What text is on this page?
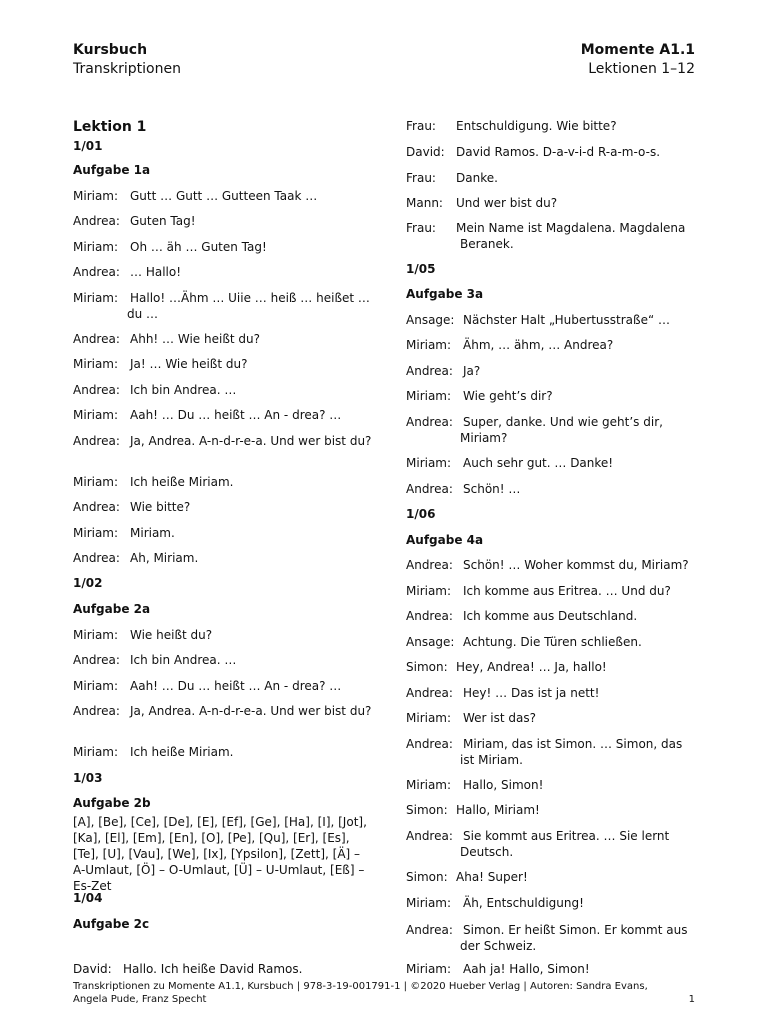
Kursbuch
Transkriptionen
Momente A1.1
Lektionen 1–12
Lektion 1
1/01
Aufgabe 1a
Miriam: Gutt … Gutt … Gutteen Taak …
Andrea: Guten Tag!
Miriam: Oh … äh … Guten Tag!
Andrea: … Hallo!
Miriam: Hallo! …Ähm … Uiie … heiß … heißet … du …
Andrea: Ahh! … Wie heißt du?
Miriam: Ja! … Wie heißt du?
Andrea: Ich bin Andrea. …
Miriam: Aah! … Du … heißt … An - drea? …
Andrea: Ja, Andrea. A-n-d-r-e-a. Und wer bist du?
Miriam: Ich heiße Miriam.
Andrea: Wie bitte?
Miriam: Miriam.
Andrea: Ah, Miriam.
1/02
Aufgabe 2a
Miriam: Wie heißt du?
Andrea: Ich bin Andrea. …
Miriam: Aah! … Du … heißt … An - drea? …
Andrea: Ja, Andrea. A-n-d-r-e-a. Und wer bist du?
Miriam: Ich heiße Miriam.
1/03
Aufgabe 2b
[A], [Be], [Ce], [De], [E], [Ef], [Ge], [Ha], [I], [Jot], [Ka], [El], [Em], [En], [O], [Pe], [Qu], [Er], [Es], [Te], [U], [Vau], [We], [Ix], [Ypsilon], [Zett], [Ä] – A-Umlaut, [Ö] – O-Umlaut, [Ü] – U-Umlaut, [Eß] – Es-Zet
1/04
Aufgabe 2c
David: Hallo. Ich heiße David Ramos.
Frau: Entschuldigung. Wie bitte?
David: David Ramos. D-a-v-i-d R-a-m-o-s.
Frau: Danke.
Mann: Und wer bist du?
Frau: Mein Name ist Magdalena. Magdalena Beranek.
1/05
Aufgabe 3a
Ansage: Nächster Halt „Hubertusstraße“ …
Miriam: Ähm, … ähm, … Andrea?
Andrea: Ja?
Miriam: Wie geht’s dir?
Andrea: Super, danke. Und wie geht’s dir, Miriam?
Miriam: Auch sehr gut. … Danke!
Andrea: Schön! …
1/06
Aufgabe 4a
Andrea: Schön! … Woher kommst du, Miriam?
Miriam: Ich komme aus Eritrea. … Und du?
Andrea: Ich komme aus Deutschland.
Ansage: Achtung. Die Türen schließen.
Simon: Hey, Andrea! … Ja, hallo!
Andrea: Hey! … Das ist ja nett!
Miriam: Wer ist das?
Andrea: Miriam, das ist Simon. … Simon, das ist Miriam.
Miriam: Hallo, Simon!
Simon: Hallo, Miriam!
Andrea: Sie kommt aus Eritrea. … Sie lernt Deutsch.
Simon: Aha! Super!
Miriam: Äh, Entschuldigung!
Andrea: Simon. Er heißt Simon. Er kommt aus der Schweiz.
Miriam: Aah ja! Hallo, Simon!
Transkriptionen zu Momente A1.1, Kursbuch | 978-3-19-001791-1 | ©2020 Hueber Verlag | Autoren: Sandra Evans, Angela Pude, Franz Specht	1
